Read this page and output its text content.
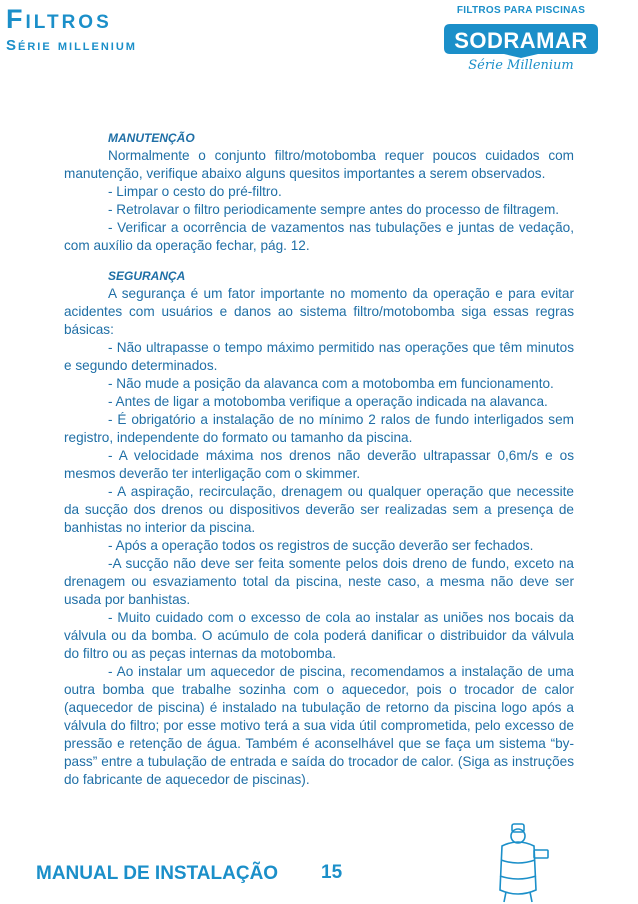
Filtros
Série millenium
FILTROS PARA PISCINAS
SODRAMAR
Série Millenium
MANUTENÇÃO

Normalmente o conjunto filtro/motobomba requer poucos cuidados com manutenção, verifique abaixo alguns quesitos importantes a serem observados.

- Limpar o cesto do pré-filtro.

- Retrolavar o filtro periodicamente sempre antes do processo de filtragem.

- Verificar a ocorrência de vazamentos nas tubulações e juntas de vedação, com auxílio da operação fechar, pág. 12.

SEGURANÇA

A segurança é um fator importante no momento da operação e para evitar acidentes com usuários e danos ao sistema filtro/motobomba siga essas regras básicas:

- Não ultrapasse o tempo máximo permitido nas operações que têm minutos e segundo determinados.

- Não mude a posição da alavanca com a motobomba em funcionamento.

- Antes de ligar a motobomba verifique a operação indicada na alavanca.

- É obrigatório a instalação de no mínimo 2 ralos de fundo interligados sem registro, independente do formato ou tamanho da piscina.

- A velocidade máxima nos drenos não deverão ultrapassar 0,6m/s e os mesmos deverão ter interligação com o skimmer.

- A aspiração, recirculação, drenagem ou qualquer operação que necessite da sucção dos drenos ou dispositivos deverão ser realizadas sem a presença de banhistas no interior da piscina.

- Após a operação todos os registros de sucção deverão ser fechados.

-A sucção não deve ser feita somente pelos dois dreno de fundo, exceto na drenagem ou esvaziamento total da piscina, neste caso, a mesma não deve ser usada por banhistas.

- Muito cuidado com o excesso de cola ao instalar as uniões nos bocais da válvula ou da bomba. O acúmulo de cola poderá danificar o distribuidor da válvula do filtro ou as peças internas da motobomba.

- Ao instalar um aquecedor de piscina, recomendamos a instalação de uma outra bomba que trabalhe sozinha com o aquecedor, pois o trocador de calor (aquecedor de piscina) é instalado na tubulação de retorno da piscina logo após a válvula do filtro; por esse motivo terá a sua vida útil comprometida, pelo excesso de pressão e retenção de água. Também é aconselhável que se faça um sistema “by-pass” entre a tubulação de entrada e saída do trocador de calor. (Siga as instruções do fabricante de aquecedor de piscinas).

MANUAL DE INSTALAÇÃO 15
